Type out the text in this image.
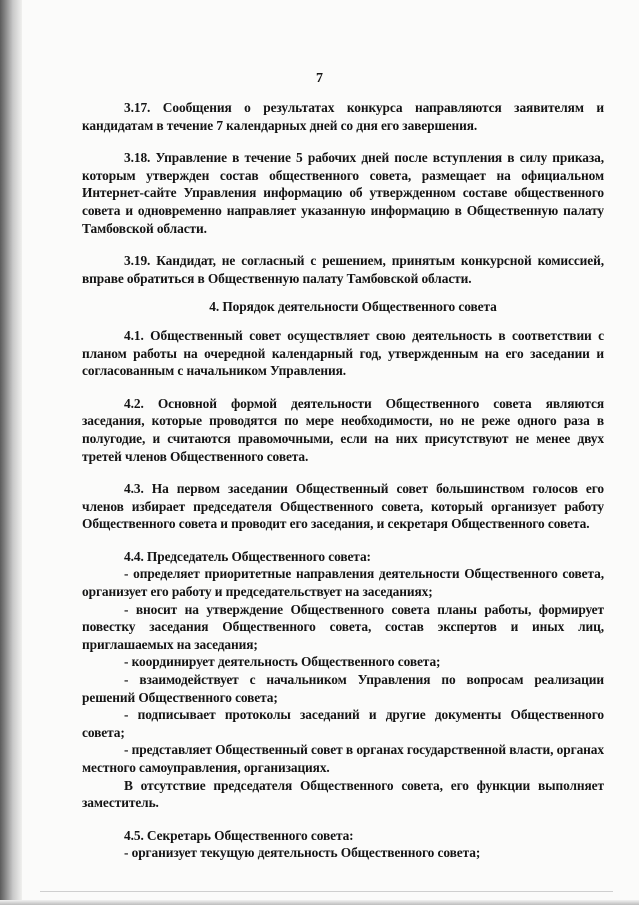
7

3.17. Сообщения о результатах конкурса направляются заявителям и кандидатам в течение 7 календарных дней со дня его завершения.

3.18. Управление в течение 5 рабочих дней после вступления в силу приказа, которым утвержден состав общественного совета, размещает на официальном Интернет-сайте Управления информацию об утвержденном составе общественного совета и одновременно направляет указанную информацию в Общественную палату Тамбовской области.

3.19. Кандидат, не согласный с решением, принятым конкурсной комиссией, вправе обратиться в Общественную палату Тамбовской области.

4. Порядок деятельности Общественного совета

4.1. Общественный совет осуществляет свою деятельность в соответствии с планом работы на очередной календарный год, утвержденным на его заседании и согласованным с начальником Управления.

4.2. Основной формой деятельности Общественного совета являются заседания, которые проводятся по мере необходимости, но не реже одного раза в полугодие, и считаются правомочными, если на них присутствуют не менее двух третей членов Общественного совета.

4.3. На первом заседании Общественный совет большинством голосов его членов избирает председателя Общественного совета, который организует работу Общественного совета и проводит его заседания, и секретаря Общественного совета.

4.4. Председатель Общественного совета:

- определяет приоритетные направления деятельности Общественного совета, организует его работу и председательствует на заседаниях;

- вносит на утверждение Общественного совета планы работы, формирует повестку заседания Общественного совета, состав экспертов и иных лиц, приглашаемых на заседания;

- координирует деятельность Общественного совета;

- взаимодействует с начальником Управления по вопросам реализации решений Общественного совета;

- подписывает протоколы заседаний и другие документы Общественного совета;

- представляет Общественный совет в органах государственной власти, органах местного самоуправления, организациях.

В отсутствие председателя Общественного совета, его функции выполняет заместитель.

4.5. Секретарь Общественного совета:

- организует текущую деятельность Общественного совета;
